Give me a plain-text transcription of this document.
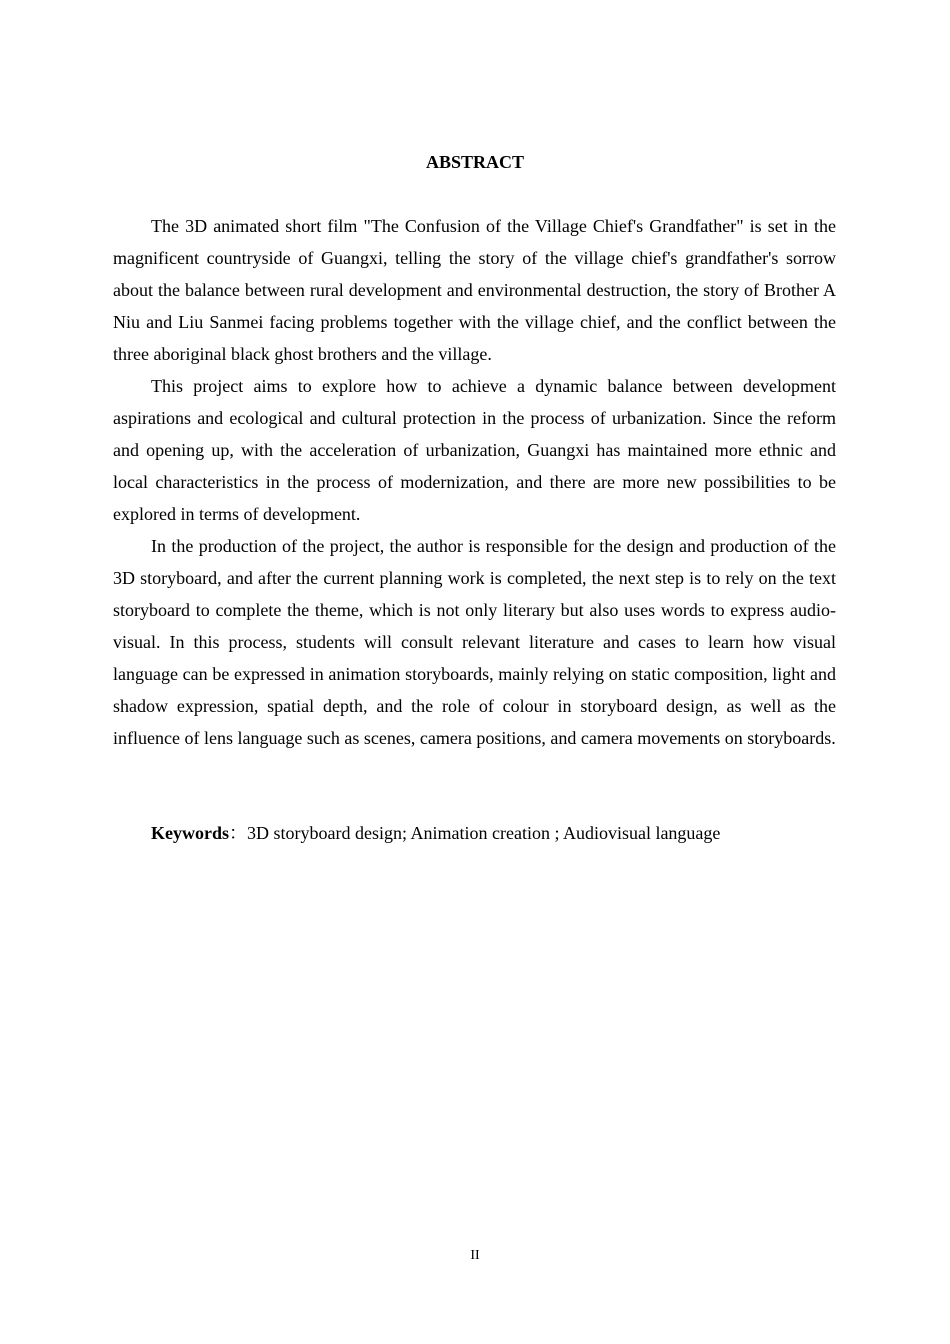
ABSTRACT

The 3D animated short film "The Confusion of the Village Chief's Grandfather" is set in the magnificent countryside of Guangxi, telling the story of the village chief's grandfather's sorrow about the balance between rural development and environmental destruction, the story of Brother A Niu and Liu Sanmei facing problems together with the village chief, and the conflict between the three aboriginal black ghost brothers and the village.

This project aims to explore how to achieve a dynamic balance between development aspirations and ecological and cultural protection in the process of urbanization. Since the reform and opening up, with the acceleration of urbanization, Guangxi has maintained more ethnic and local characteristics in the process of modernization, and there are more new possibilities to be explored in terms of development.

In the production of the project, the author is responsible for the design and production of the 3D storyboard, and after the current planning work is completed, the next step is to rely on the text storyboard to complete the theme, which is not only literary but also uses words to express audio-visual. In this process, students will consult relevant literature and cases to learn how visual language can be expressed in animation storyboards, mainly relying on static composition, light and shadow expression, spatial depth, and the role of colour in storyboard design, as well as the influence of lens language such as scenes, camera positions, and camera movements on storyboards.

Keywords：3D storyboard design; Animation creation ; Audiovisual language
II
